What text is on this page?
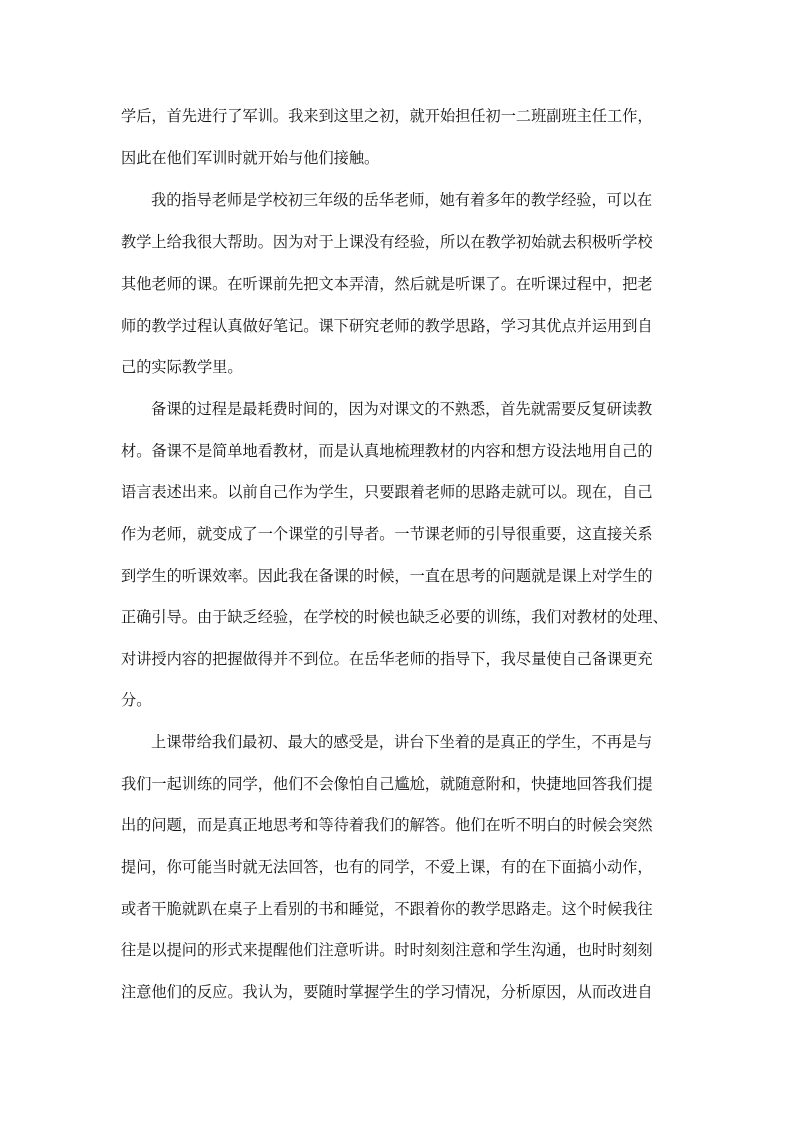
学后，首先进行了军训。我来到这里之初，就开始担任初一二班副班主任工作，
因此在他们军训时就开始与他们接触。
我的指导老师是学校初三年级的岳华老师，她有着多年的教学经验，可以在
教学上给我很大帮助。因为对于上课没有经验，所以在教学初始就去积极听学校
其他老师的课。在听课前先把文本弄清，然后就是听课了。在听课过程中，把老
师的教学过程认真做好笔记。课下研究老师的教学思路，学习其优点并运用到自
己的实际教学里。
备课的过程是最耗费时间的，因为对课文的不熟悉，首先就需要反复研读教
材。备课不是简单地看教材，而是认真地梳理教材的内容和想方设法地用自己的
语言表述出来。以前自己作为学生，只要跟着老师的思路走就可以。现在，自己
作为老师，就变成了一个课堂的引导者。一节课老师的引导很重要，这直接关系
到学生的听课效率。因此我在备课的时候，一直在思考的问题就是课上对学生的
正确引导。由于缺乏经验，在学校的时候也缺乏必要的训练，我们对教材的处理、
对讲授内容的把握做得并不到位。在岳华老师的指导下，我尽量使自己备课更充
分。
上课带给我们最初、最大的感受是，讲台下坐着的是真正的学生，不再是与
我们一起训练的同学，他们不会像怕自己尴尬，就随意附和，快捷地回答我们提
出的问题，而是真正地思考和等待着我们的解答。他们在听不明白的时候会突然
提问，你可能当时就无法回答，也有的同学，不爱上课，有的在下面搞小动作，
或者干脆就趴在桌子上看别的书和睡觉，不跟着你的教学思路走。这个时候我往
往是以提问的形式来提醒他们注意听讲。时时刻刻注意和学生沟通，也时时刻刻
注意他们的反应。我认为，要随时掌握学生的学习情况，分析原因，从而改进自
